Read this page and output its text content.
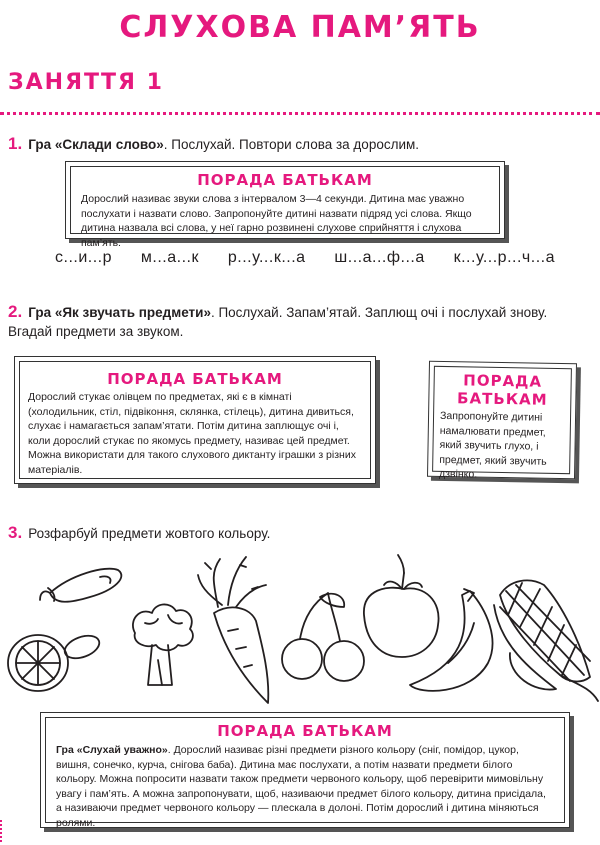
СЛУХОВА ПАМ’ЯТЬ
ЗАНЯТТЯ 1
1. Гра «Склади слово». Послухай. Повтори слова за дорослим.
ПОРАДА БАТЬКАМ
Дорослий називає звуки слова з інтервалом 3—4 секунди. Дитина має уважно послухати і назвати слово. Запропонуйте дитині назвати підряд усі слова. Якщо дитина назвала всі слова, у неї гарно розвинені слухове сприйняття і слухова пам’ять.
с...и...р м...а...к р...у...к...а ш...а...ф...а к...у...р...ч...а
2. Гра «Як звучать предмети». Послухай. Запам’ятай. Заплющ очі і послухай знову. Вгадай предмети за звуком.
ПОРАДА БАТЬКАМ
Дорослий стукає олівцем по предметах, які є в кімнаті (холодильник, стіл, підвіконня, склянка, стілець), дитина дивиться, слухає і намагається запам’ятати. Потім дитина заплющує очі і, коли дорослий стукає по якомусь предмету, називає цей предмет. Можна використати для такого слухового диктанту іграшки з різних матеріалів.
ПОРАДА
БАТЬКАМ
Запропонуйте дитині намалювати предмет, який звучить глухо, і предмет, який звучить дзвінко.
3. Розфарбуй предмети жовтого кольору.
ПОРАДА БАТЬКАМ
Гра «Слухай уважно». Дорослий називає різні предмети різного кольору (сніг, помідор, цукор, вишня, сонечко, курча, снігова баба). Дитина має послухати, а потім назвати предмети білого кольору. Можна попросити назвати також предмети червоного кольору, щоб перевірити мимовільну увагу і пам’ять. А можна запропонувати, щоб, називаючи предмет білого кольору, дитина присідала, а називаючи предмет червоного кольору — плескала в долоні. Потім дорослий і дитина міняються ролями.
